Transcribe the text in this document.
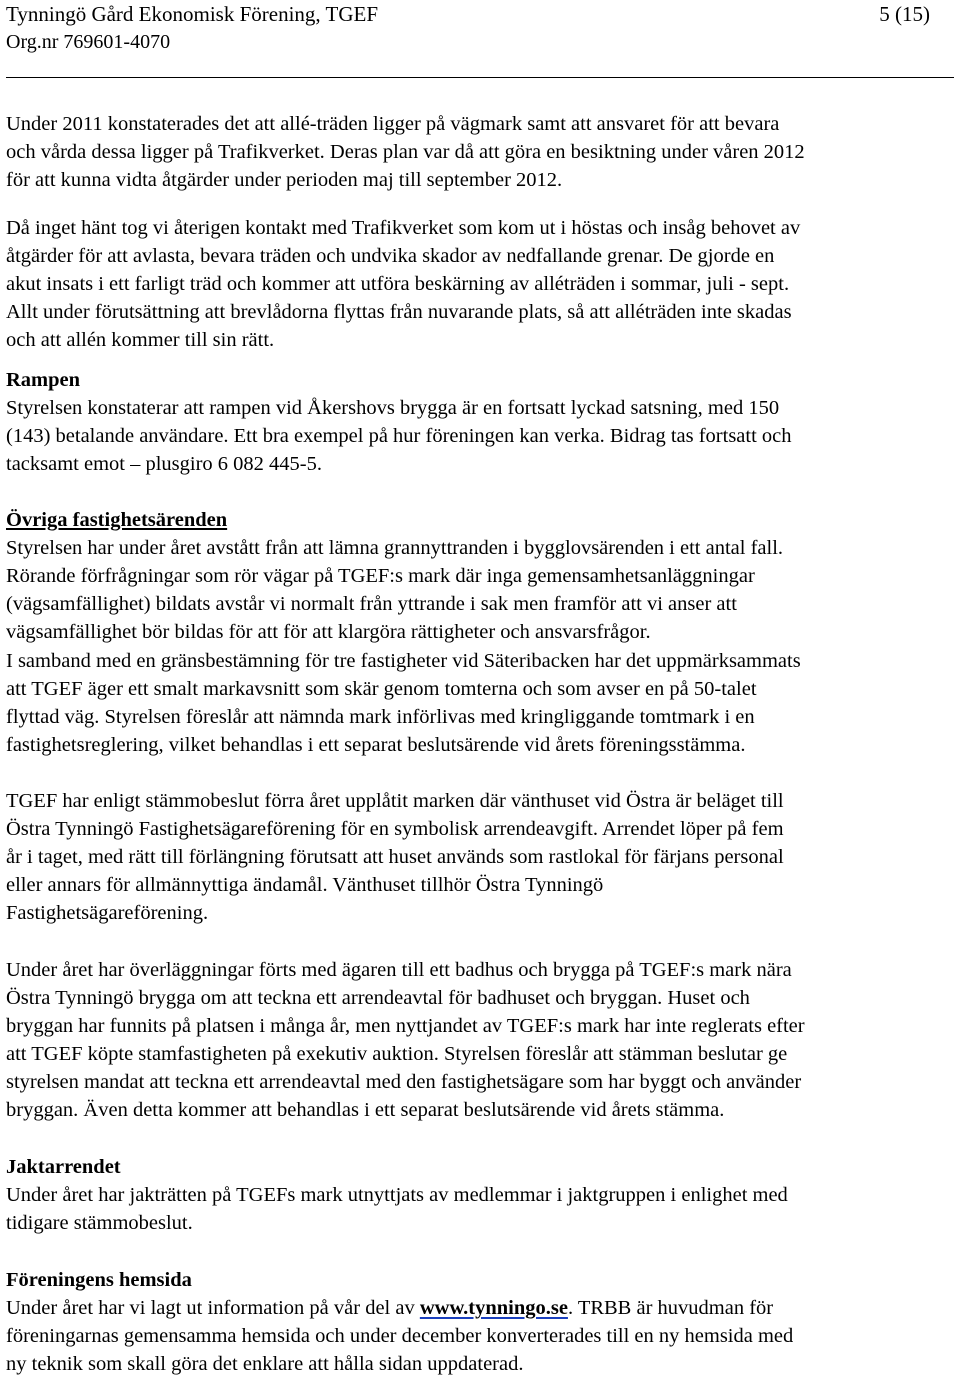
Tynningö Gård Ekonomisk Förening, TGEF	5 (15)
Org.nr 769601-4070
Under 2011 konstaterades det att allé-träden ligger på vägmark samt att ansvaret för att bevara
och vårda dessa ligger på Trafikverket. Deras plan var då att göra en besiktning under våren 2012
för att kunna vidta åtgärder under perioden maj till september 2012.
Då inget hänt tog vi återigen kontakt med Trafikverket som kom ut i höstas och insåg behovet av
åtgärder för att avlasta, bevara träden och undvika skador av nedfallande grenar. De gjorde en
akut insats i ett farligt träd och kommer att utföra beskärning av alléträden i sommar, juli - sept.
Allt under förutsättning att brevlådorna flyttas från nuvarande plats, så att alléträden inte skadas
och att allén kommer till sin rätt.
Rampen
Styrelsen konstaterar att rampen vid Åkershovs brygga är en fortsatt lyckad satsning, med 150
(143) betalande användare. Ett bra exempel på hur föreningen kan verka. Bidrag tas fortsatt och
tacksamt emot – plusgiro 6 082 445-5.
Övriga fastighetsärenden
Styrelsen har under året avstått från att lämna grannyttranden i bygglovsärenden i ett antal fall.
Rörande förfrågningar som rör vägar på TGEF:s mark där inga gemensamhetsanläggningar
(vägsamfällighet) bildats avstår vi normalt från yttrande i sak men framför att vi anser att
vägsamfällighet bör bildas för att för att klargöra rättigheter och ansvarsfrågor.
I samband med en gränsbestämning för tre fastigheter vid Säteribacken har det uppmärksammats
att TGEF äger ett smalt markavsnitt som skär genom tomterna och som avser en på 50-talet
flyttad väg. Styrelsen föreslår att nämnda mark införlivas med kringliggande tomtmark i en
fastighetsreglering, vilket behandlas i ett separat beslutsärende vid årets föreningsstämma.
TGEF har enligt stämmobeslut förra året upplåtit marken där vänthuset vid Östra är beläget till
Östra Tynningö Fastighetsägareförening för en symbolisk arrendeavgift. Arrendet löper på fem
år i taget, med rätt till förlängning förutsatt att huset används som rastlokal för färjans personal
eller annars för allmännyttiga ändamål. Vänthuset tillhör Östra Tynningö
Fastighetsägareförening.
Under året har överläggningar förts med ägaren till ett badhus och brygga på TGEF:s mark nära
Östra Tynningö brygga om att teckna ett arrendeavtal för badhuset och bryggan. Huset och
bryggan har funnits på platsen i många år, men nyttjandet av TGEF:s mark har inte reglerats efter
att TGEF köpte stamfastigheten på exekutiv auktion. Styrelsen föreslår att stämman beslutar ge
styrelsen mandat att teckna ett arrendeavtal med den fastighetsägare som har byggt och använder
bryggan. Även detta kommer att behandlas i ett separat beslutsärende vid årets stämma.
Jaktarrendet
Under året har jakträtten på TGEFs mark utnyttjats av medlemmar i jaktgruppen i enlighet med
tidigare stämmobeslut.
Föreningens hemsida
Under året har vi lagt ut information på vår del av www.tynningo.se. TRBB är huvudman för
föreningarnas gemensamma hemsida och under december konverterades till en ny hemsida med
ny teknik som skall göra det enklare att hålla sidan uppdaterad.
